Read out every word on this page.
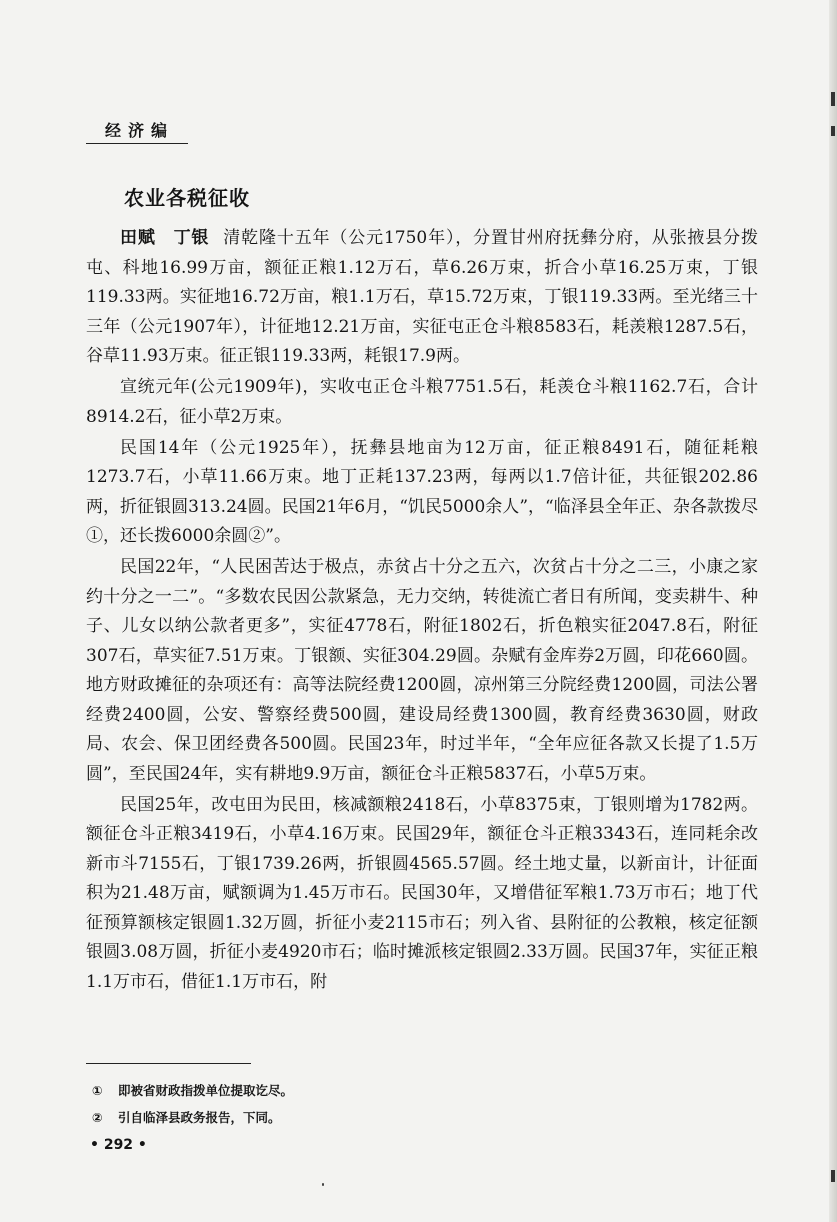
经济编
农业各税征收

田赋　丁银 清乾隆十五年（公元1750年），分置甘州府抚彝分府，从张掖县分拨屯、科地16.99万亩，额征正粮1.12万石，草6.26万束，折合小草16.25万束，丁银119.33两。实征地16.72万亩，粮1.1万石，草15.72万束，丁银119.33两。至光绪三十三年（公元1907年），计征地12.21万亩，实征屯正仓斗粮8583石，耗羡粮1287.5石，谷草11.93万束。征正银119.33两，耗银17.9两。

宣统元年(公元1909年)，实收屯正仓斗粮7751.5石，耗羡仓斗粮1162.7石，合计8914.2石，征小草2万束。

民国14年（公元1925年），抚彝县地亩为12万亩，征正粮8491石，随征耗粮1273.7石，小草11.66万束。地丁正耗137.23两，每两以1.7倍计征，共征银202.86两，折征银圆313.24圆。民国21年6月，“饥民5000余人”，“临泽县全年正、杂各款拨尽①，还长拨6000余圆②”。

民国22年，“人民困苦达于极点，赤贫占十分之五六，次贫占十分之二三，小康之家约十分之一二”。“多数农民因公款紧急，无力交纳，转徙流亡者日有所闻，变卖耕牛、种子、儿女以纳公款者更多”，实征4778石，附征1802石，折色粮实征2047.8石，附征307石，草实征7.51万束。丁银额、实征304.29圆。杂赋有金库券2万圆，印花660圆。地方财政摊征的杂项还有：高等法院经费1200圆，凉州第三分院经费1200圆，司法公署经费2400圆，公安、警察经费500圆，建设局经费1300圆，教育经费3630圆，财政局、农会、保卫团经费各500圆。民国23年，时过半年，“全年应征各款又长提了1.5万圆”，至民国24年，实有耕地9.9万亩，额征仓斗正粮5837石，小草5万束。

民国25年，改屯田为民田，核减额粮2418石，小草8375束，丁银则增为1782两。额征仓斗正粮3419石，小草4.16万束。民国29年，额征仓斗正粮3343石，连同耗余改新市斗7155石，丁银1739.26两，折银圆4565.57圆。经土地丈量，以新亩计，计征面积为21.48万亩，赋额调为1.45万市石。民国30年，又增借征军粮1.73万市石；地丁代征预算额核定银圆1.32万圆，折征小麦2115市石；列入省、县附征的公教粮，核定征额银圆3.08万圆，折征小麦4920市石；临时摊派核定银圆2.33万圆。民国37年，实征正粮1.1万市石，借征1.1万市石，附

① 即被省财政指拨单位提取讫尽。
② 引自临泽县政务报告，下同。
• 292 •
